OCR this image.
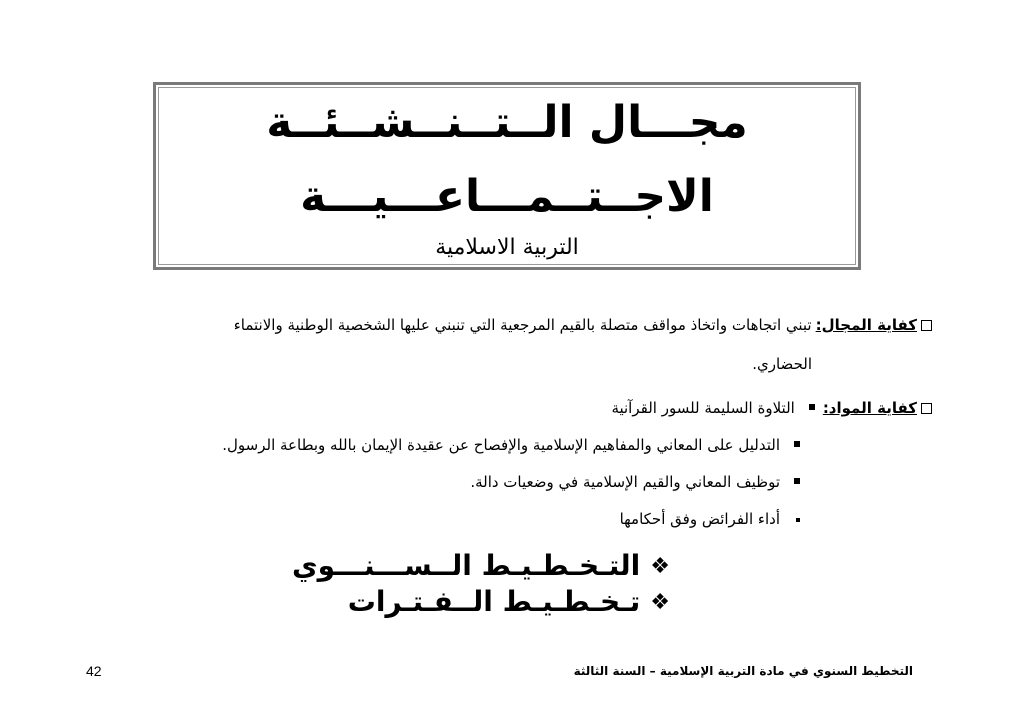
مجـــال الــتــنــشــئــة
الاجــتــمـــاعـــيـــة
التربية الاسلامية
كفاية المجال:
تبني اتجاهات واتخاذ مواقف متصلة بالقيم المرجعية التي تنبني عليها الشخصية الوطنية والانتماء
الحضاري.
كفاية المواد:
التلاوة السليمة للسور القرآنية
التدليل على المعاني والمفاهيم الإسلامية والإفصاح عن عقيدة الإيمان بالله وبطاعة الرسول.
توظيف المعاني والقيم الإسلامية في وضعيات دالة.
أداء الفرائض وفق أحكامها
❖التـخـطـيـط الــســـنـــوي
❖تـخـطـيـط الــفـتـرات
التخطيط السنوي في مادة التربية الإسلامية – السنة الثالثة
42
